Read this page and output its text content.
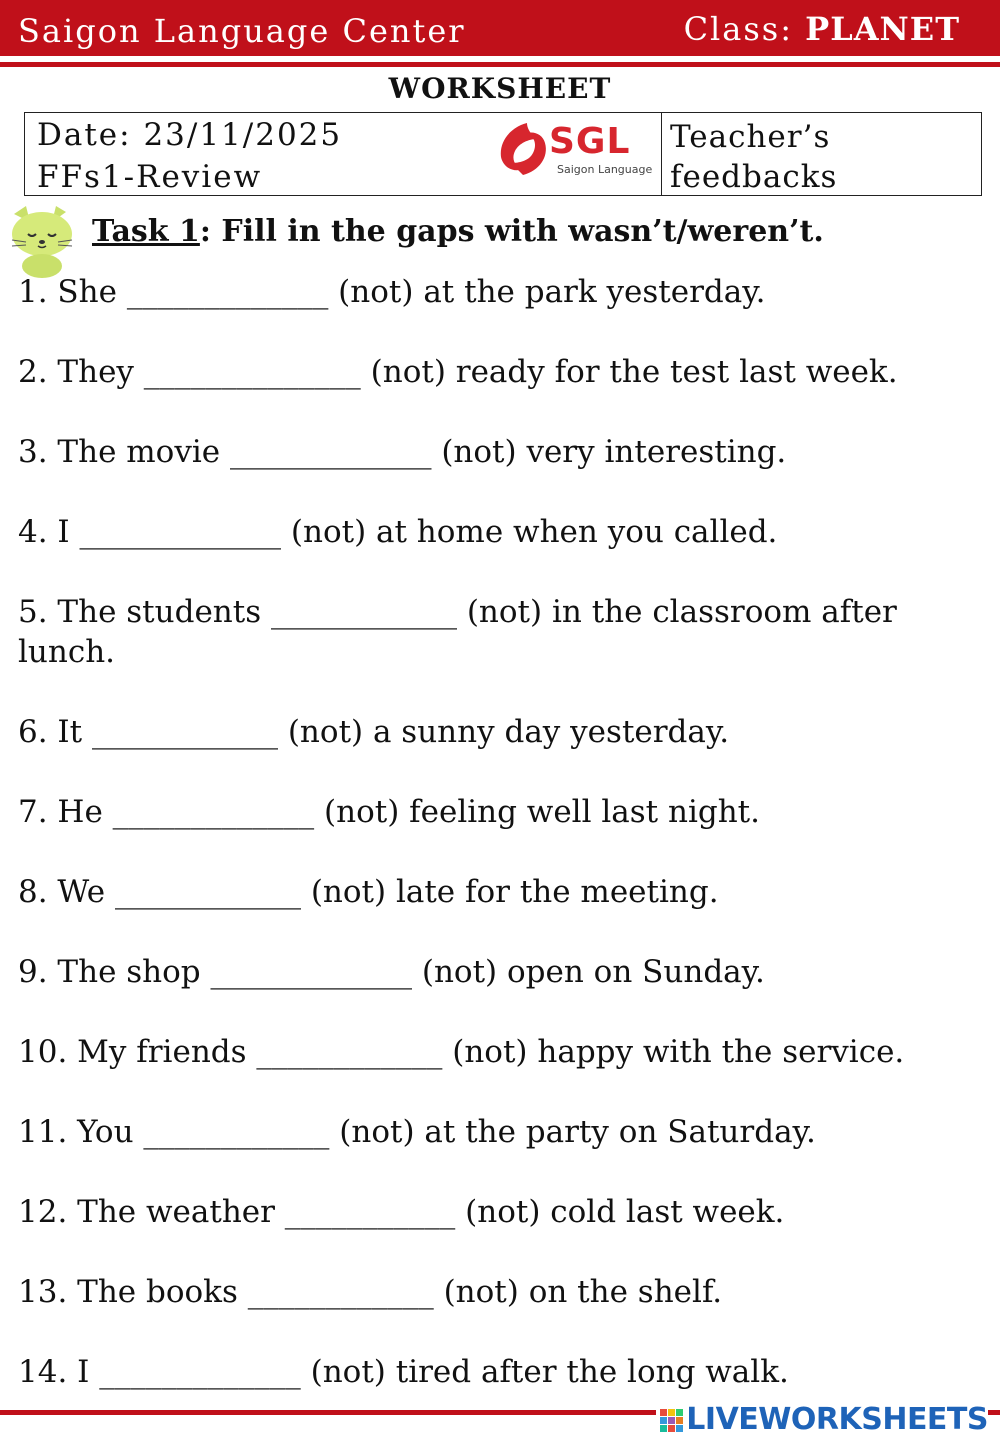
Saigon Language Center	Class: PLANET
WORKSHEET
Date: 23/11/2025
FFs1-Review
SGL
Saigon Language
Teacher’s feedbacks
Task 1: Fill in the gaps with wasn’t/weren’t.
1. She _____________ (not) at the park yesterday.
2. They ______________ (not) ready for the test last week.
3. The movie _____________ (not) very interesting.
4. I _____________ (not) at home when you called.
5. The students ____________ (not) in the classroom after lunch.
6. It ____________ (not) a sunny day yesterday.
7. He _____________ (not) feeling well last night.
8. We ____________ (not) late for the meeting.
9. The shop _____________ (not) open on Sunday.
10. My friends ____________ (not) happy with the service.
11. You ____________ (not) at the party on Saturday.
12. The weather ___________ (not) cold last week.
13. The books ____________ (not) on the shelf.
14. I _____________ (not) tired after the long walk.
LIVEWORKSHEETS
